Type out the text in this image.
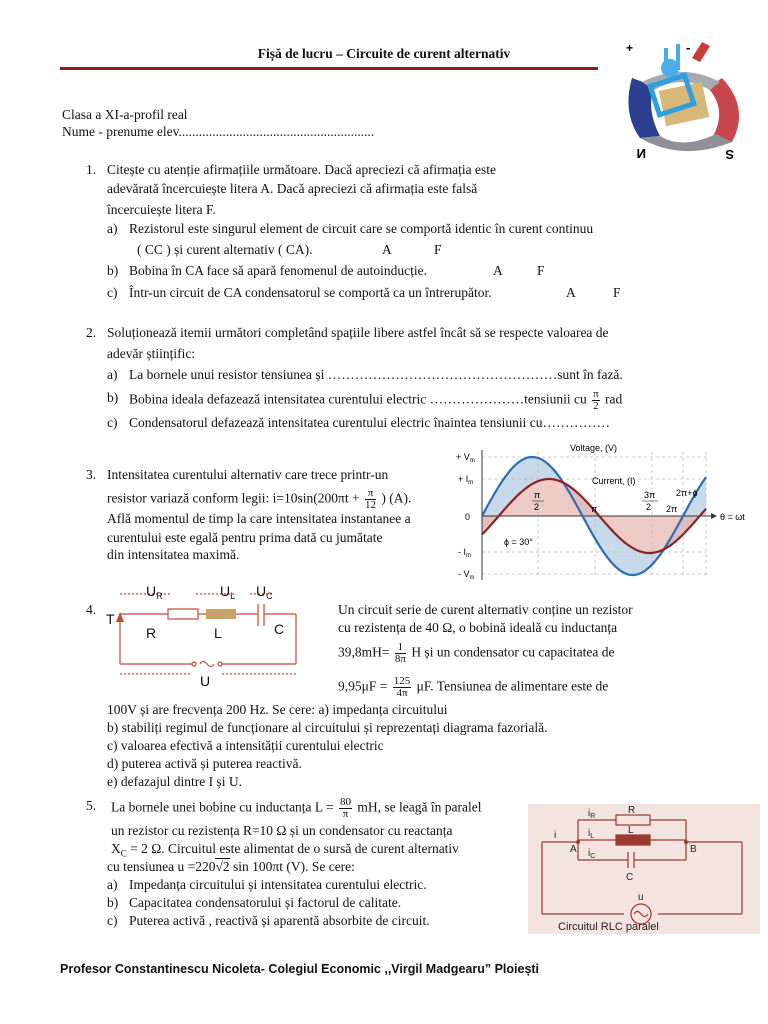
Fișă de lucru – Circuite de curent alternativ	+	-
N	S
Clasa a XI-a-profil real
Nume - prenume elev..........................................................
1. Citește cu atenție afirmațiile următoare. Dacă apreciezi că afirmația este
adevărată încercuiește litera A. Dacă apreciezi că afirmația este falsă
încercuiește litera F.
a) Rezistorul este singurul element de circuit care se comportă identic în curent continuu
( CC ) și curent alternativ ( CA).	A	F
b) Bobina în CA face să apară fenomenul de autoinducție.	A	F
c) Într-un circuit de CA condensatorul se comportă ca un întrerupător.	A	F
2. Soluționează itemii următori completând spațiile libere astfel încât să se respecte valoarea de
adevăr științific:
a) La bornele unui resistor tensiunea și ……………………………………………sunt în fază.
b) Bobina ideala defazează intensitatea curentului electric …………………tensiunii cu $\frac{\pi}{2}$ rad
c) Condensatorul defazează intensitatea curentului electric înaintea tensiunii cu……………
3. Intensitatea curentului alternativ care trece printr-un
resistor variază conform legii: $i=10\sin(200\pi t + \frac{\pi}{12}$ ) (A).
Află momentul de timp la care intensitatea instantanee a
curentului este egală pentru prima dată cu jumătate
din intensitatea maximă.
+ $V_m$
+ $I_m$
0
- $I_m$
- $V_m$
Voltage, (V)
Current, (I)
π
2	π
3π
2 2π
2π+ϕ
θ = ωt
ϕ = 30°
4.
T
$U_R$	$U_L$ $U_C$
R	L	C
U
Un circuit serie de curent alternativ conține un rezistor
cu rezistența de 40 Ω, o bobină ideală cu inductanța
$39,8mH= \frac{1}{8\pi}$ H și un condensator cu capacitatea de
$9,95\mu F = \frac{125}{4\pi} \mu F$. Tensiunea de alimentare este de
100V și are frecvența 200 Hz. Se cere: a) impedanța circuitului
b) stabiliți regimul de funcționare al circuitului și reprezentați diagrama fazorială.
c) valoarea efectivă a intensității curentului electric
d) puterea activă și puterea reactivă.
e) defazajul dintre I și U.
5. La bornele unei bobine cu inductanța $L = \frac{80}{\pi}$ mH, se leagă în paralel
un rezistor cu rezistența R=10 Ω și un condensator cu reactanța
$X_C = 2$ Ω. Circuitul este alimentat de o sursă de curent alternativ
cu tensiunea u =220√2 sin 100πt (V). Se cere:
a) Impedanța circuitului și intensitatea curentului electric.
b) Capacitatea condensatorului și factorul de calitate.
c) Puterea activă , reactivă și aparentă absorbite de circuit.
i
$i_R$
$i_L$
$i_C$
R
L
C
A	B
u
Circuitul RLC paralel
Profesor Constantinescu Nicoleta- Colegiul Economic ,,Virgil Madgearu” Ploiești
